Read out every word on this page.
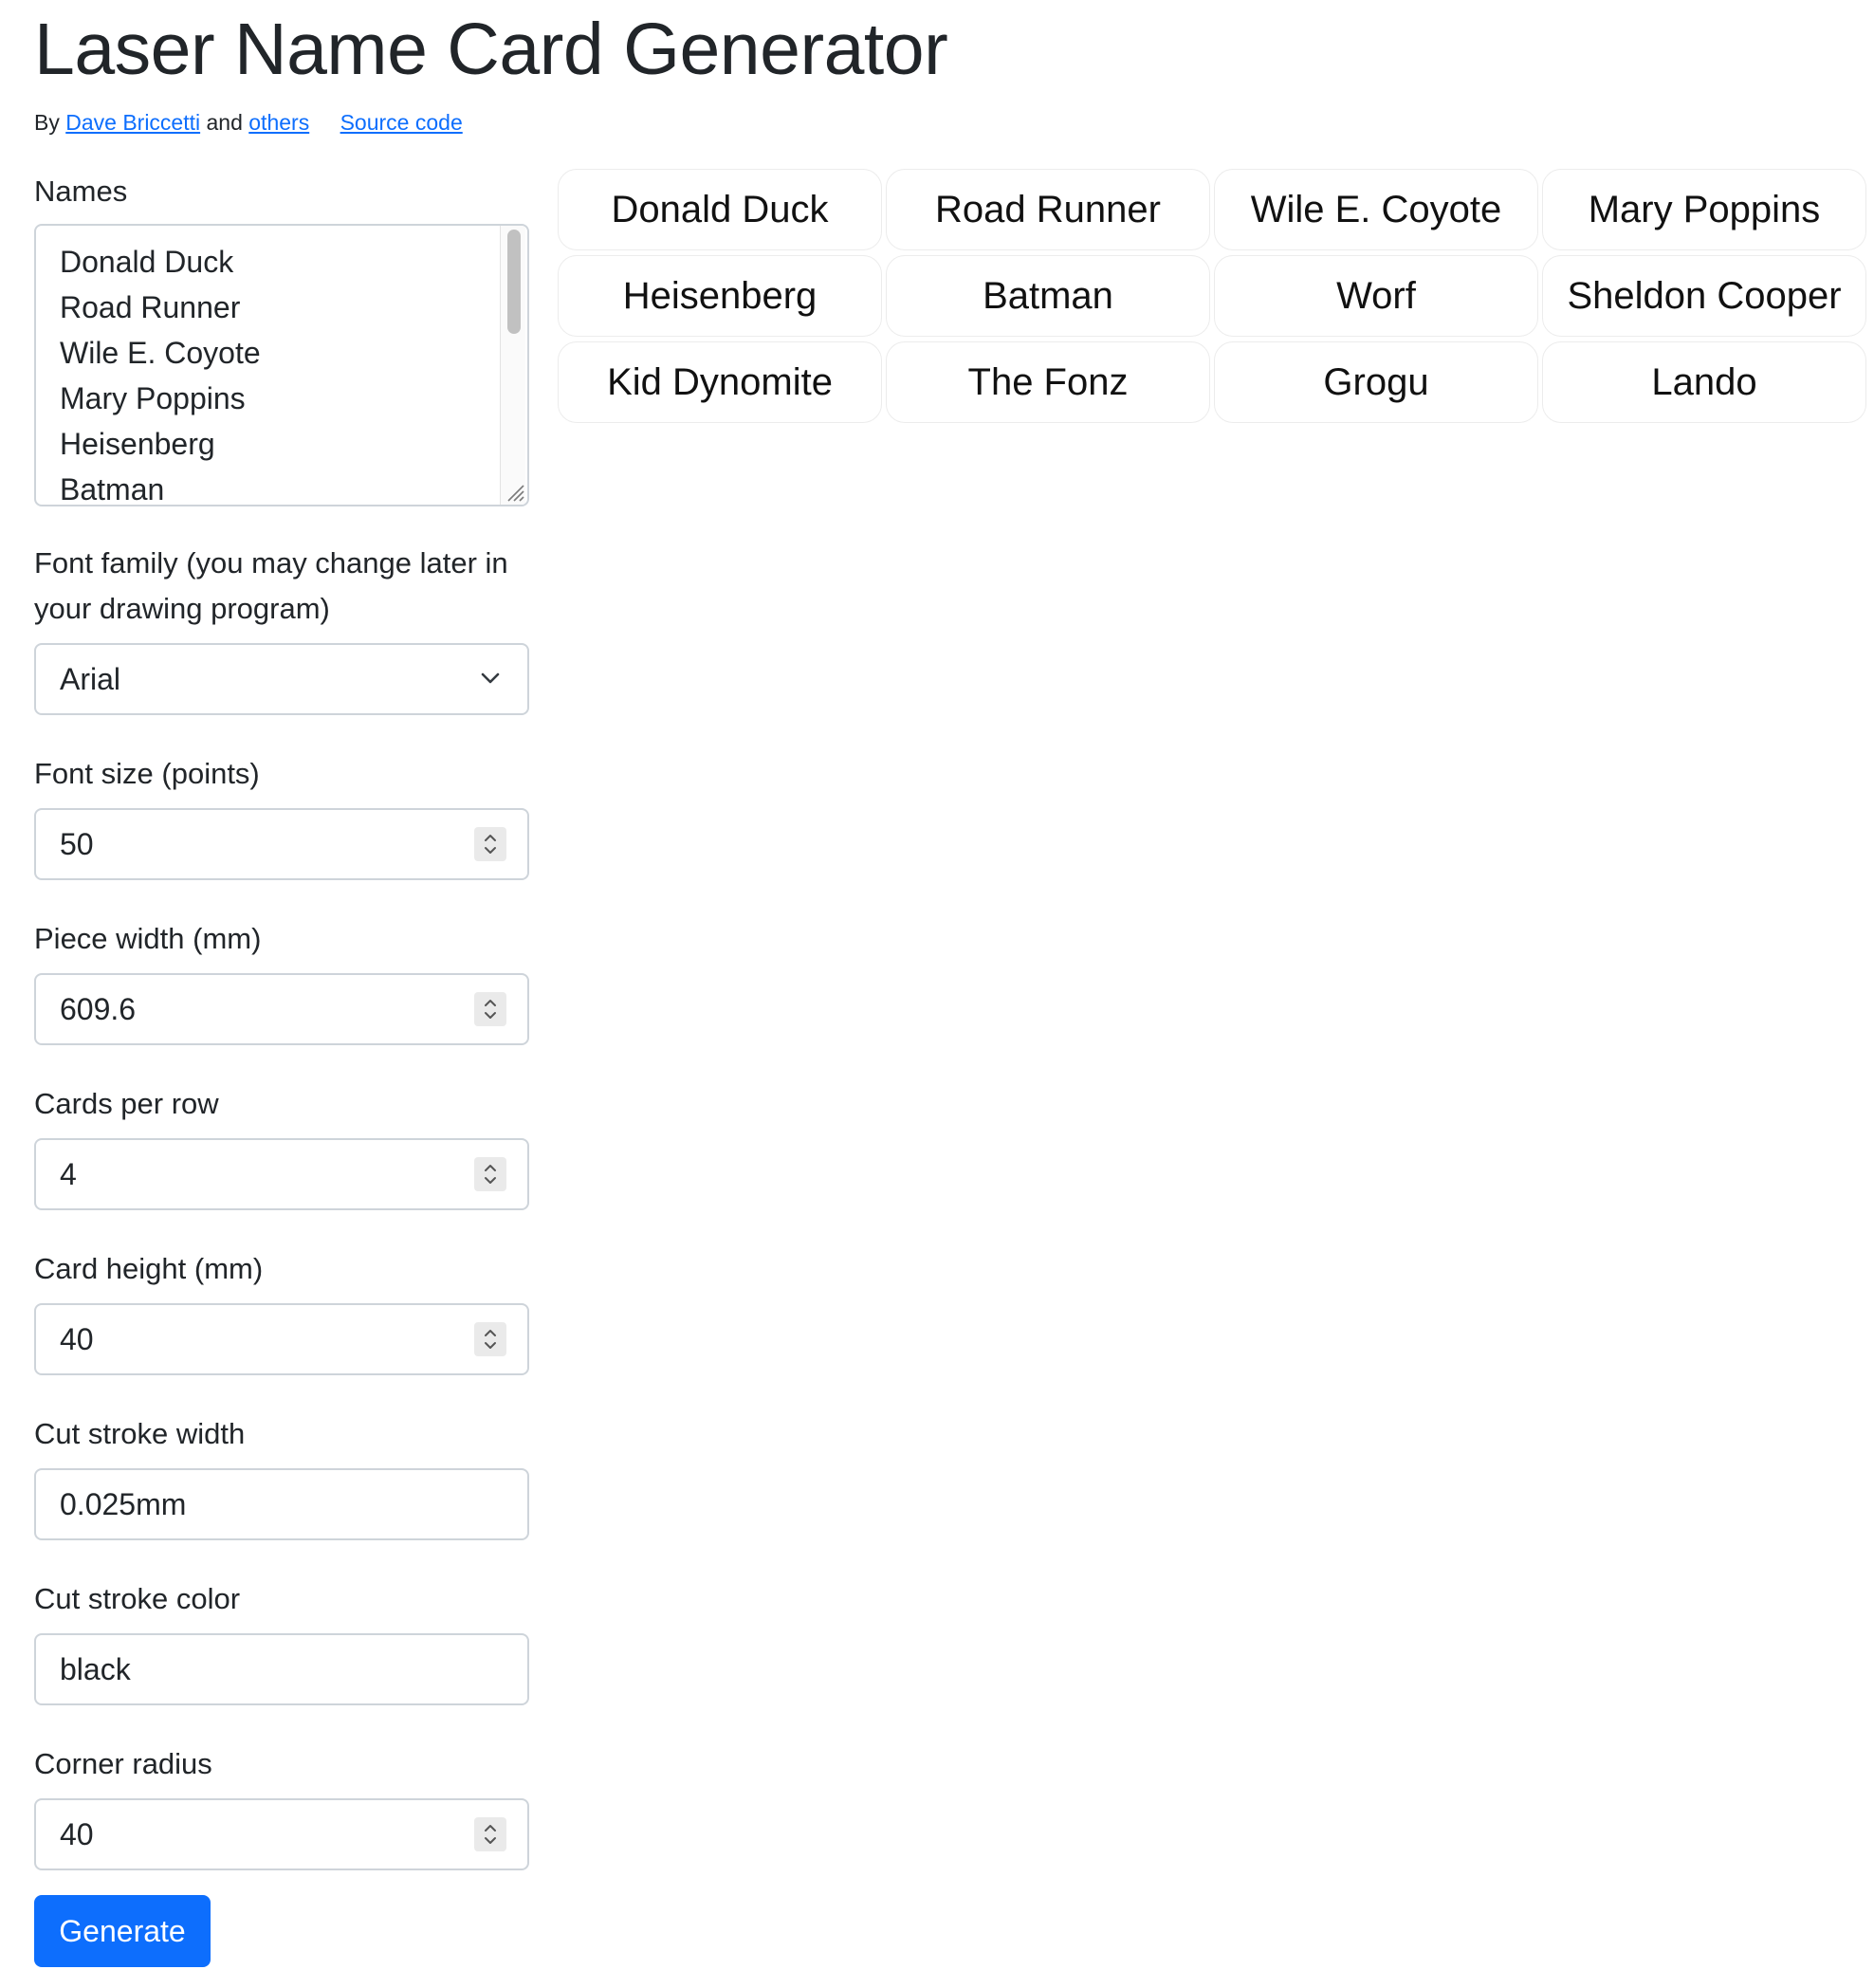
Laser Name Card Generator
By Dave Briccetti and others Source code
Names
Donald Duck
Road Runner
Wile E. Coyote
Mary Poppins
Heisenberg
Batman
Font family (you may change later in your drawing program)
Arial
Font size (points)
50
Piece width (mm)
609.6
Cards per row
4
Card height (mm)
40
Cut stroke width
0.025mm
Cut stroke color
black
Corner radius
40
Generate
Donald Duck	Road Runner	Wile E. Coyote	Mary Poppins
Heisenberg	Batman	Worf	Sheldon Cooper
Kid Dynomite	The Fonz	Grogu	Lando
